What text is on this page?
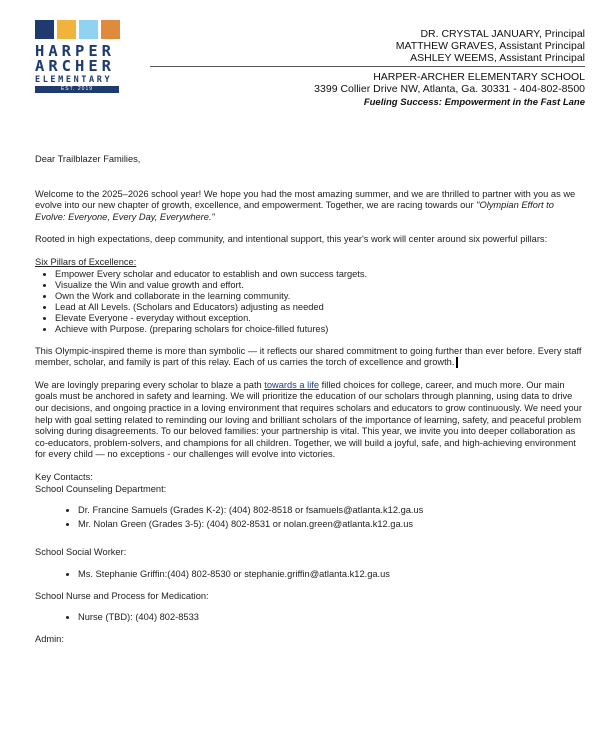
HARPER
ARCHER
ELEMENTARY
EST. 2019
DR. CRYSTAL JANUARY, Principal
MATTHEW GRAVES, Assistant Principal
ASHLEY WEEMS, Assistant Principal
HARPER-ARCHER ELEMENTARY SCHOOL
3399 Collier Drive NW, Atlanta, Ga. 30331 - 404-802-8500
Fueling Success: Empowerment in the Fast Lane

Dear Trailblazer Families,

Welcome to the 2025–2026 school year! We hope you had the most amazing summer, and we are thrilled to partner with you as we evolve into our new chapter of growth, excellence, and empowerment. Together, we are racing towards our "Olympian Effort to Evolve: Everyone, Every Day, Everywhere."

Rooted in high expectations, deep community, and intentional support, this year's work will center around six powerful pillars:

Six Pillars of Excellence:

• Empower Every scholar and educator to establish and own success targets.
• Visualize the Win and value growth and effort.
• Own the Work and collaborate in the learning community.
• Lead at All Levels. (Scholars and Educators) adjusting as needed
• Elevate Everyone - everyday without exception.
• Achieve with Purpose. (preparing scholars for choice-filled futures)

This Olympic-inspired theme is more than symbolic — it reflects our shared commitment to going further than ever before. Every staff member, scholar, and family is part of this relay. Each of us carries the torch of excellence and growth.

We are lovingly preparing every scholar to blaze a path towards a life filled choices for college, career, and much more. Our main goals must be anchored in safety and learning. We will prioritize the education of our scholars through planning, using data to drive our decisions, and ongoing practice in a loving environment that requires scholars and educators to grow continuously. We need your help with goal setting related to reminding our loving and brilliant scholars of the importance of learning, safety, and peaceful problem solving during disagreements. To our beloved families: your partnership is vital. This year, we invite you into deeper collaboration as co-educators, problem-solvers, and champions for all children. Together, we will build a joyful, safe, and high-achieving environment for every child — no exceptions - our challenges will evolve into victories.

Key Contacts:

School Counseling Department:

• Dr. Francine Samuels (Grades K-2): (404) 802-8518 or fsamuels@atlanta.k12.ga.us
• Mr. Nolan Green (Grades 3-5): (404) 802-8531 or nolan.green@atlanta.k12.ga.us

School Social Worker:

• Ms. Stephanie Griffin:(404) 802-8530 or stephanie.griffin@atlanta.k12.ga.us

School Nurse and Process for Medication:

• Nurse (TBD): (404) 802-8533

Admin:
